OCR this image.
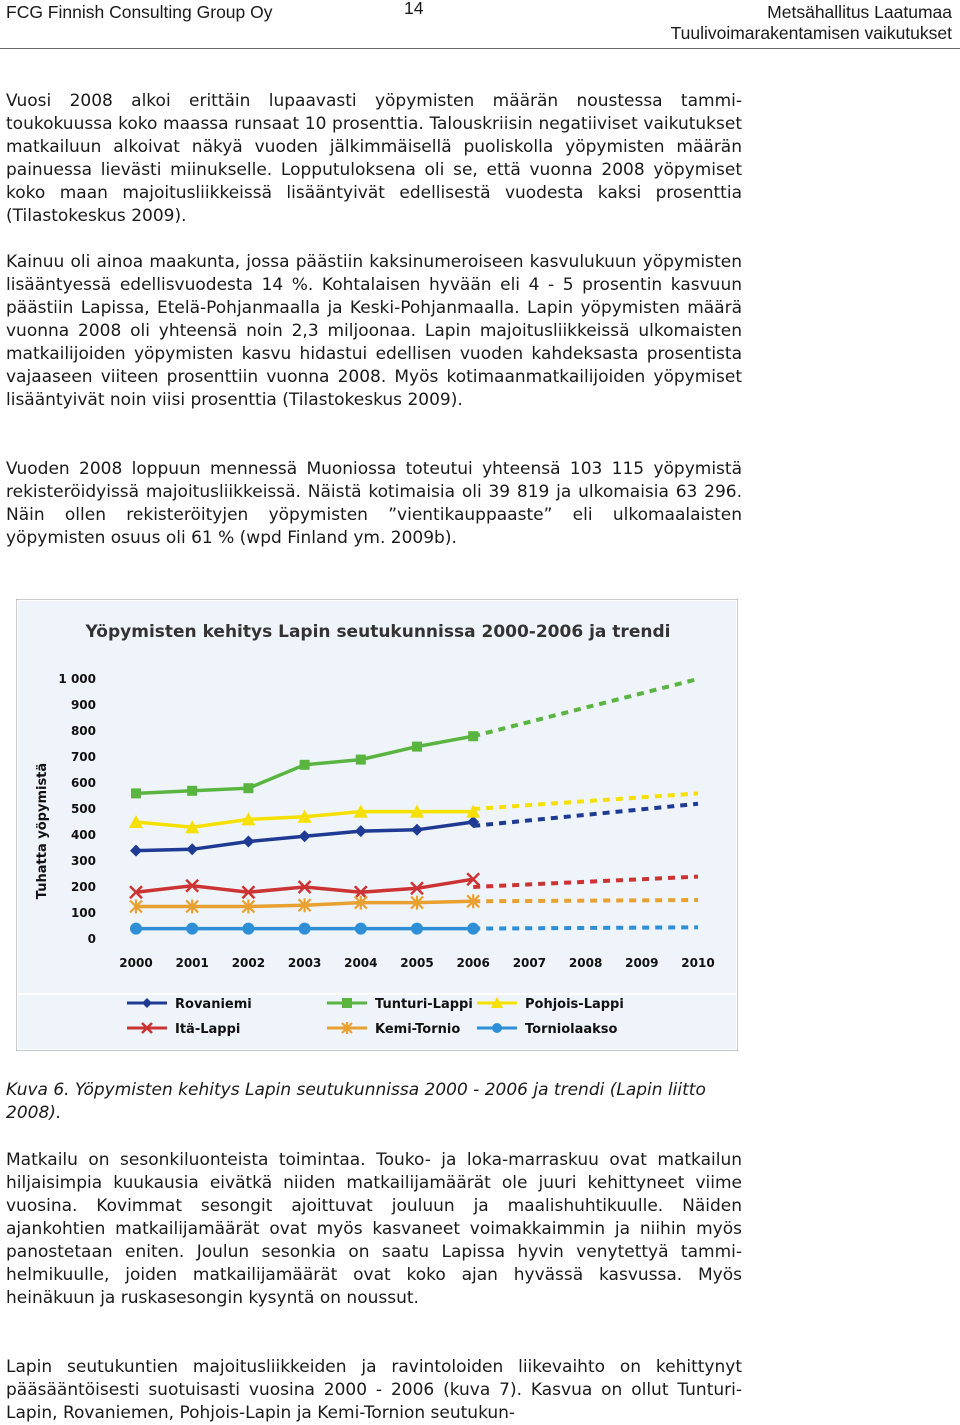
FCG Finnish Consulting Group Oy	14	Metsähallitus Laatumaa
Tuulivoimarakentamisen vaikutukset

Vuosi 2008 alkoi erittäin lupaavasti yöpymisten määrän noustessa tammi-toukokuussa koko maassa runsaat 10 prosenttia. Talouskriisin negatiiviset vaikutukset matkailuun alkoivat näkyä vuoden jälkimmäisellä puoliskolla yöpymisten määrän painuessa lievästi miinukselle. Lopputuloksena oli se, että vuonna 2008 yöpymiset koko maan majoitusliikkeissä lisääntyivät edellisestä vuodesta kaksi prosenttia (Tilastokeskus 2009).

Kainuu oli ainoa maakunta, jossa päästiin kaksinumeroiseen kasvulukuun yöpymisten lisääntyessä edellisvuodesta 14 %. Kohtalaisen hyvään eli 4 - 5 prosentin kasvuun päästiin Lapissa, Etelä-Pohjanmaalla ja Keski-Pohjanmaalla. Lapin yöpymisten määrä vuonna 2008 oli yhteensä noin 2,3 miljoonaa. Lapin majoitusliikkeissä ulkomaisten matkailijoiden yöpymisten kasvu hidastui edellisen vuoden kahdeksasta prosentista vajaaseen viiteen prosenttiin vuonna 2008. Myös kotimaanmatkailijoiden yöpymiset lisääntyivät noin viisi prosenttia (Tilastokeskus 2009).

Vuoden 2008 loppuun mennessä Muoniossa toteutui yhteensä 103 115 yöpymistä rekisteröidyissä majoitusliikkeissä. Näistä kotimaisia oli 39 819 ja ulkomaisia 63 296. Näin ollen rekisteröityjen yöpymisten ”vientikauppaaste” eli ulkomaalaisten yöpymisten osuus oli 61 % (wpd Finland ym. 2009b).

Yöpymisten kehitys Lapin seutukunnissa 2000-2006 ja trendi
Tuhatta yöpymistä
0
100
200
300
400
500
600
700
800
900
1 000
2000 2001 2002 2003 2004 2005 2006 2007 2008 2009 2010
Rovaniemi	Tunturi-Lappi	Pohjois-Lappi
Itä-Lappi	Kemi-Tornio	Torniolaakso

Kuva 6. Yöpymisten kehitys Lapin seutukunnissa 2000 - 2006 ja trendi (Lapin liitto 2008).

Matkailu on sesonkiluonteista toimintaa. Touko- ja loka-marraskuu ovat matkailun hiljaisimpia kuukausia eivätkä niiden matkailijamäärät ole juuri kehittyneet viime vuosina. Kovimmat sesongit ajoittuvat jouluun ja maalishuhtikuulle. Näiden ajankohtien matkailijamäärät ovat myös kasvaneet voimakkaimmin ja niihin myös panostetaan eniten. Joulun sesonkia on saatu Lapissa hyvin venytettyä tammi-helmikuulle, joiden matkailijamäärät ovat koko ajan hyvässä kasvussa. Myös heinäkuun ja ruskasesongin kysyntä on noussut.

Lapin seutukuntien majoitusliikkeiden ja ravintoloiden liikevaihto on kehittynyt pääsääntöisesti suotuisasti vuosina 2000 - 2006 (kuva 7). Kasvua on ollut Tunturi-Lapin, Rovaniemen, Pohjois-Lapin ja Kemi-Tornion seutukun-
